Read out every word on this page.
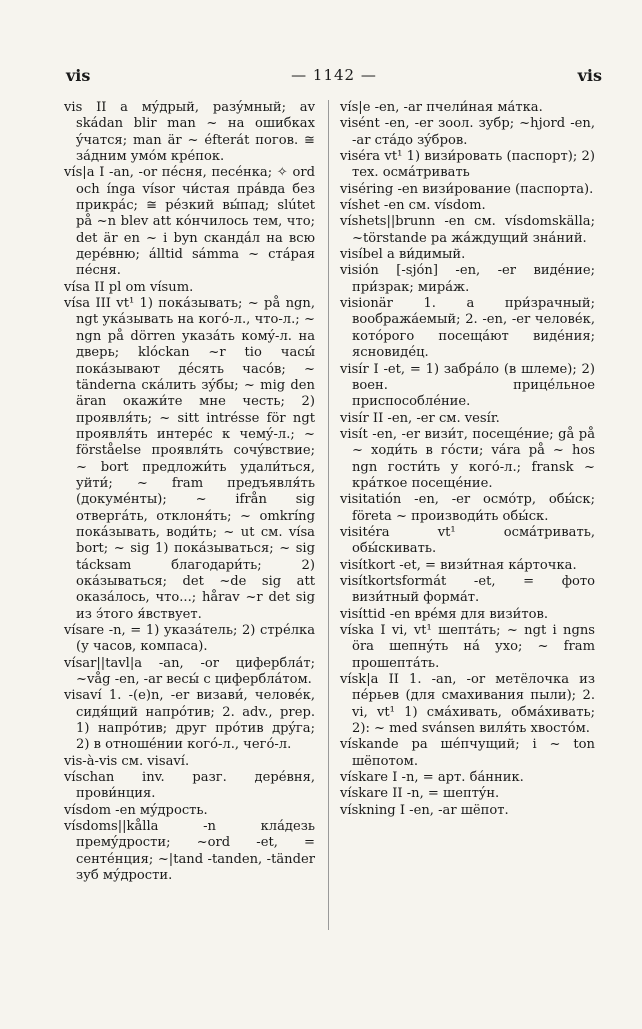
vis	— 1142 —	vis

vis II a мýдрый, разýмный; av skádan blir man ~ на ошибках ýчатся; man är ~ éfterát погов. ≅ зáдним умóм крéпок.

vís|a I -an, -or пéсня, песéнка; ✧ ord och ínga vísor чи́стая прáвда без прикрáс; ≅ рéзкий вы́пад; slútet på ~n blev att кóнчилось тем, что; det är en ~ i byn скандáл на всю дерéвню; álltid sámma ~ стáрая пéсня.

vísa II pl om vísum.

vísa III vt¹ 1) покáзывать; ~ på ngn, ngt укáзывать на когó-л., что-л.; ~ ngn på dörren указáть комý-л. на дверь; klóckan ~r tio часы́ покáзывают дéсять часóв; ~ tänderna скáлить зýбы; ~ mig den äran окажи́те мне честь; 2) проявля́ть; ~ sitt intrésse för ngt проявля́ть интерéс к чемý-л.; ~ förståelse проявля́ть сочýвствие; ~ bort предложи́ть удали́ться, уйти́; ~ fram предъявля́ть (докумéнты); ~ ifrån sig отвергáть, отклоня́ть; ~ omkríng покáзывать, води́ть; ~ ut см. vísa bort; ~ sig 1) покáзываться; ~ sig tácksam благодари́ть; 2) окáзываться; det ~de sig att оказáлось, что...; hårav ~r det sig из э́того я́вствует.

vísare -n, = 1) указáтель; 2) стрéлка (у часов, компаса).

vísar||tavl|a -an, -or цифербла́т; ~våg -en, -ar весы́ с циферблáтом.

visaví 1. -(e)n, -er визави́, человéк, сидя́щий напрóтив; 2. adv., prep. 1) напрóтив; друг прóтив дрýга; 2) в отношéнии когó-л., чегó-л.

vis-à-vis см. visaví.

víschan inv. разг. дерéвня, прови́нция.

vísdom -en мýдрость.

vísdoms||kålla -n клáдезь премýдрости; ~ord -et, = сентéнция; ~|tand -tanden, -tänder зуб мýдрости.

vís|e -en, -ar пчели́ная мáтка.

visént -en, -er зоол. зубр; ~hjord -en, -ar стáдо зýбров.

viséra vt¹ 1) визи́ровать (паспорт); 2) тех. осмáтривать

viséring -en визи́рование (паспорта).

víshet -en см. vísdom.

víshets||brunn -en см. vísdomskälla; ~törstande pa жáждущий знáний.

visíbel a ви́димый.

visión [-sjón] -en, -er видéние; при́зрак; мирáж.

visionär 1. a при́зрачный; вообража́емый; 2. -en, -er человéк, котóрого посещáют видéния; ясновидéц.

visír I -et, = 1) забрáло (в шлеме); 2) воен. прицéльное приспособлéние.

visír II -en, -er см. vesír.

visít -en, -er визи́т, посещéние; gå på ~ ходи́ть в гóсти; vára på ~ hos ngn гости́ть у когó-л.; fransk ~ крáткое посещéние.

visitatión -en, -er осмóтр, обы́ск; företa ~ производи́ть обы́ск.

visitéra vt¹ осмáтривать, обы́скивать.

visítkort -et, = визи́тная кáрточка.

visítkortsformát -et, = фото визи́тный формáт.

visíttid -en врéмя для визи́тов.

víska I vi, vt¹ шептáть; ~ ngt i ngns öra шепнýть нá ухо; ~ fram прошептáть.

vísk|a II 1. -an, -or метёлочка из пéрьев (для смахивания пыли); 2. vi, vt¹ 1) смáхивать, обмáхивать; 2): ~ med svánsen виля́ть хвостóм.

vískande pa шéпчущий; i ~ ton шёпотом.

vískare I -n, = арт. бáнник.

vískare II -n, = шептýн.

vískning I -en, -ar шёпот.
